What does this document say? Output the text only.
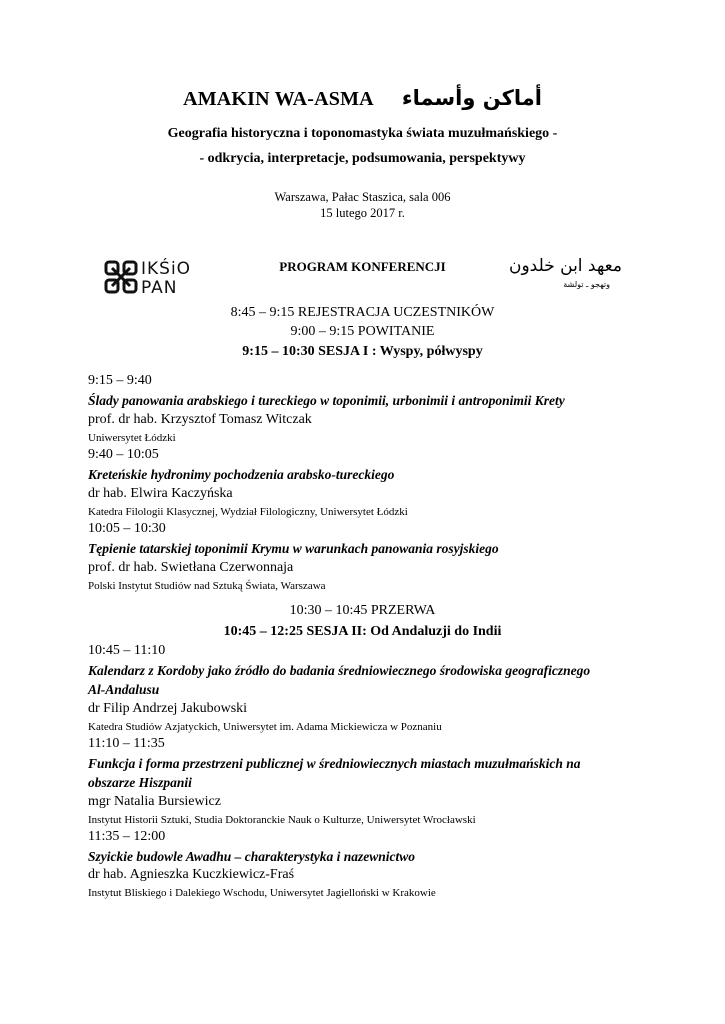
AMAKIN WA-ASMA أماكن وأسماء
Geografia historyczna i toponomastyka świata muzułmańskiego -
- odkrycia, interpretacje, podsumowania, perspektywy
Warszawa, Pałac Staszica, sala 006
15 lutego 2017 r.
IKŚiO
PAN
PROGRAM KONFERENCJI	معهد ابن خلدون
وتهجو ـ تولشة
8:45 – 9:15 REJESTRACJA UCZESTNIKÓW
9:00 – 9:15 POWITANIE
9:15 – 10:30 SESJA I : Wyspy, półwyspy
9:15 – 9:40
Ślady panowania arabskiego i tureckiego w toponimii, urbonimii i antroponimii Krety
prof. dr hab. Krzysztof Tomasz Witczak
Uniwersytet Łódzki
9:40 – 10:05
Kreteńskie hydronimy pochodzenia arabsko-tureckiego
dr hab. Elwira Kaczyńska
Katedra Filologii Klasycznej, Wydział Filologiczny, Uniwersytet Łódzki
10:05 – 10:30
Tępienie tatarskiej toponimii Krymu w warunkach panowania rosyjskiego
prof. dr hab. Swietłana Czerwonnaja
Polski Instytut Studiów nad Sztuką Świata, Warszawa
10:30 – 10:45 PRZERWA
10:45 – 12:25 SESJA II: Od Andaluzji do Indii
10:45 – 11:10
Kalendarz z Kordoby jako źródło do badania średniowiecznego środowiska geograficznego
Al-Andalusu
dr Filip Andrzej Jakubowski
Katedra Studiów Azjatyckich, Uniwersytet im. Adama Mickiewicza w Poznaniu
11:10 – 11:35
Funkcja i forma przestrzeni publicznej w średniowiecznych miastach muzułmańskich na
obszarze Hiszpanii
mgr Natalia Bursiewicz
Instytut Historii Sztuki, Studia Doktoranckie Nauk o Kulturze, Uniwersytet Wrocławski
11:35 – 12:00
Szyickie budowle Awadhu – charakterystyka i nazewnictwo
dr hab. Agnieszka Kuczkiewicz-Fraś
Instytut Bliskiego i Dalekiego Wschodu, Uniwersytet Jagielloński w Krakowie
